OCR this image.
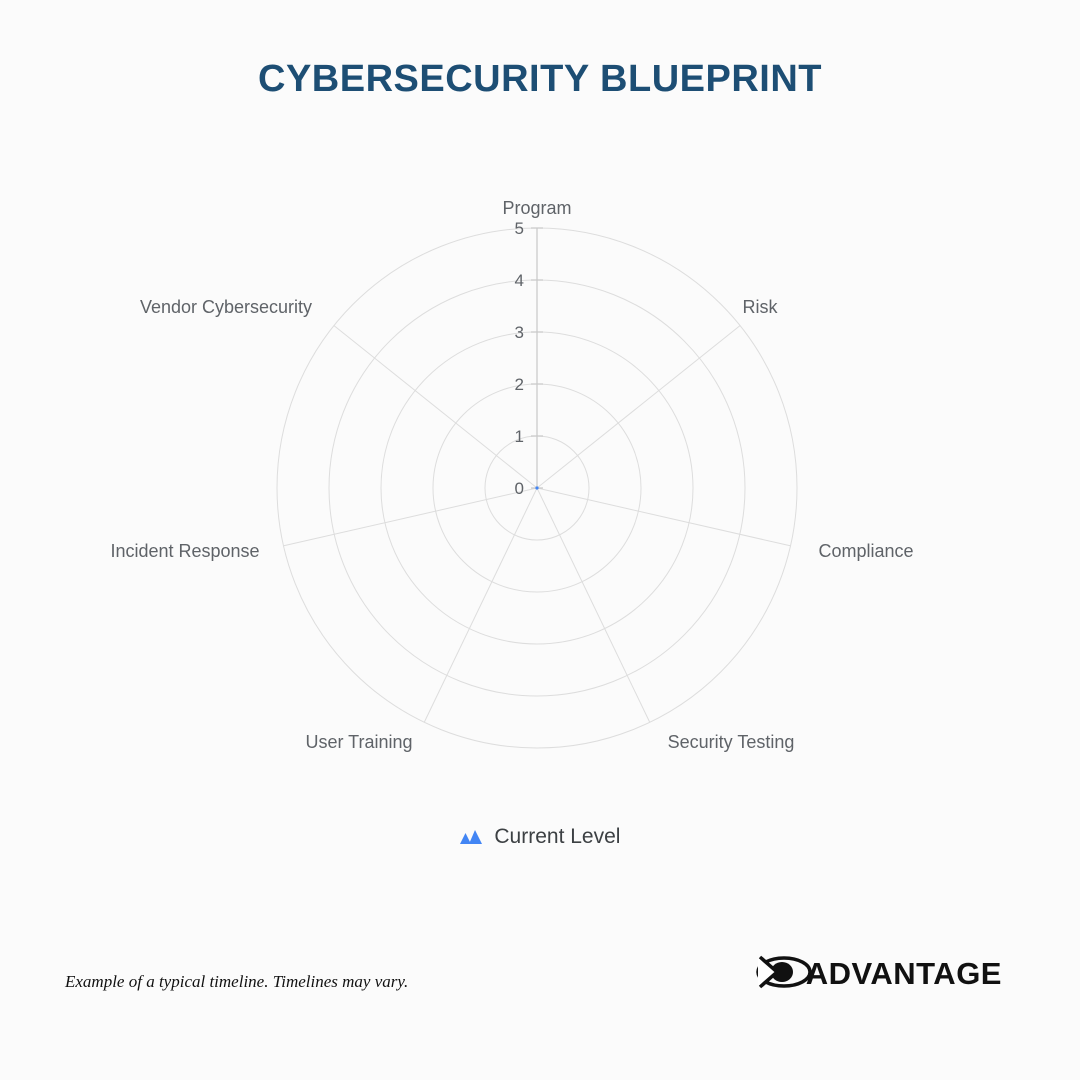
CYBERSECURITY BLUEPRINT
5
4
3
2
1
0
Program
Risk
Compliance
Security Testing
User Training
Incident Response
Vendor Cybersecurity
Current Level
Example of a typical timeline. Timelines may vary.	ADVANTAGE
